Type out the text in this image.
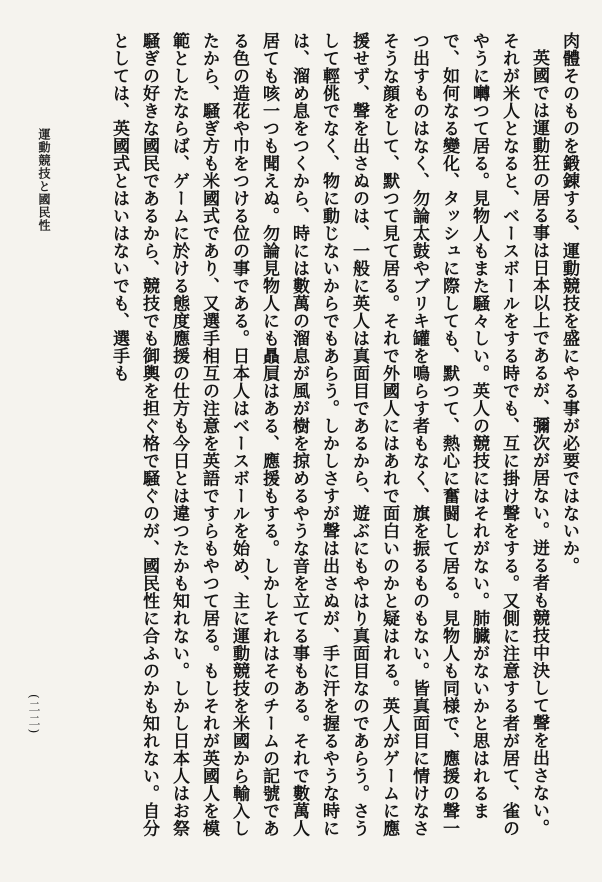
肉體そのものを鍛錬する、運動競技を盛にやる事が必要ではないか。

英國では運動狂の居る事は日本以上であるが、彌次が居ない。迸る者も競技中決して聲を出さない。それが米人となると、ベースボールをする時でも、互に掛け聲をする。又側に注意する者が居て、雀のやうに囀つて居る。見物人もまた騒々しい。英人の競技にはそれがない。肺臓がないかと思はれるまで、如何なる變化、タッシュに際しても、默つて、熱心に奮闘して居る。見物人も同様で、應援の聲一つ出すものはなく、勿論太鼓やブリキ罐を鳴らす者もなく、旗を振るものもない。皆真面目に情けなさそうな顔をして、默つて見て居る。それで外國人にはあれで面白いのかと疑はれる。英人がゲームに應援せず、聲を出さぬのは、一般に英人は真面目であるから、遊ぶにもやはり真面目なのであらう。さうして輕佻でなく、物に動じないからでもあらう。しかしさすが聲は出さぬが、手に汗を握るやうな時には、溜め息をつくから、時には數萬の溜息が風が樹を掠めるやうな音を立てる事もある。それで數萬人居ても咳一つも聞えぬ。勿論見物人にも贔屓はある、應援もする。しかしそれはそのチームの記號である色の造花や巾をつける位の事である。日本人はベースボールを始め、主に運動競技を米國から輸入したから、騒ぎ方も米國式であり、又選手相互の注意を英語ですらもやつて居る。もしそれが英國人を模範としたならば、ゲームに於ける態度應援の仕方も今日とは違つたかも知れない。しかし日本人はお祭騒ぎの好きな國民であるから、競技でも御輿を担ぐ格で騒ぐのが、國民性に合ふのかも知れない。自分としては、英國式とはいはないでも、選手も

運動競技と國民性
(二二)
